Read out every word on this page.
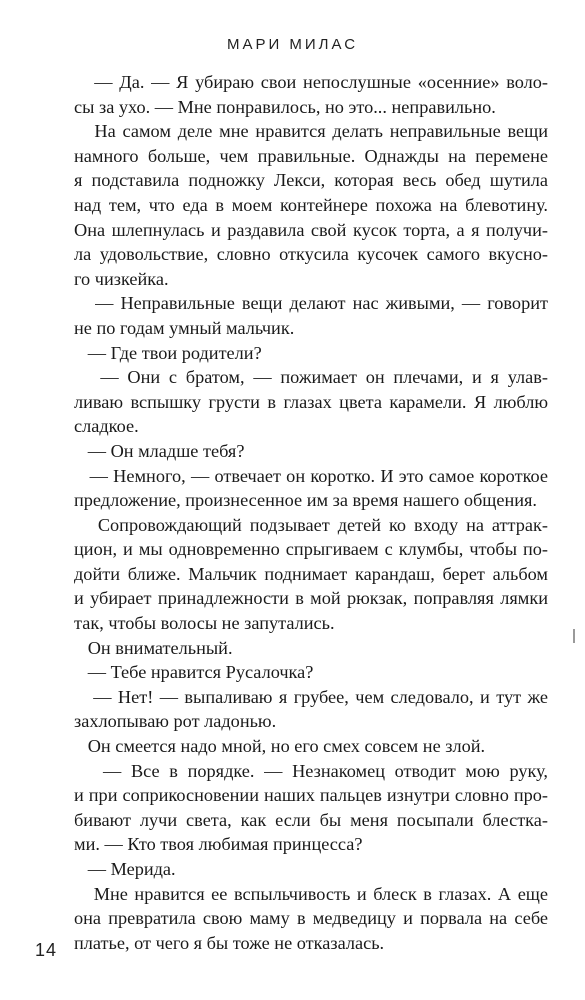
МАРИ МИЛАС
— Да. — Я убираю свои непослушные «осенние» воло-
сы за ухо. — Мне понравилось, но это... неправильно.
На самом деле мне нравится делать неправильные вещи
намного больше, чем правильные. Однажды на перемене
я подставила подножку Лекси, которая весь обед шутила
над тем, что еда в моем контейнере похожа на блевотину.
Она шлепнулась и раздавила свой кусок торта, а я получи-
ла удовольствие, словно откусила кусочек самого вкусно-
го чизкейка.
— Неправильные вещи делают нас живыми, — говорит
не по годам умный мальчик.
— Где твои родители?
— Они с братом, — пожимает он плечами, и я улав-
ливаю вспышку грусти в глазах цвета карамели. Я люблю
сладкое.
— Он младше тебя?
— Немного, — отвечает он коротко. И это самое короткое
предложение, произнесенное им за время нашего общения.
Сопровождающий подзывает детей ко входу на аттрак-
цион, и мы одновременно спрыгиваем с клумбы, чтобы по-
дойти ближе. Мальчик поднимает карандаш, берет альбом
и убирает принадлежности в мой рюкзак, поправляя лямки
так, чтобы волосы не запутались.
Он внимательный.
— Тебе нравится Русалочка?
— Нет! — выпаливаю я грубее, чем следовало, и тут же
захлопываю рот ладонью.
Он смеется надо мной, но его смех совсем не злой.
— Все в порядке. — Незнакомец отводит мою руку,
и при соприкосновении наших пальцев изнутри словно про-
бивают лучи света, как если бы меня посыпали блестка-
ми. — Кто твоя любимая принцесса?
— Мерида.
Мне нравится ее вспыльчивость и блеск в глазах. А еще
она превратила свою маму в медведицу и порвала на себе
платье, от чего я бы тоже не отказалась.
14
